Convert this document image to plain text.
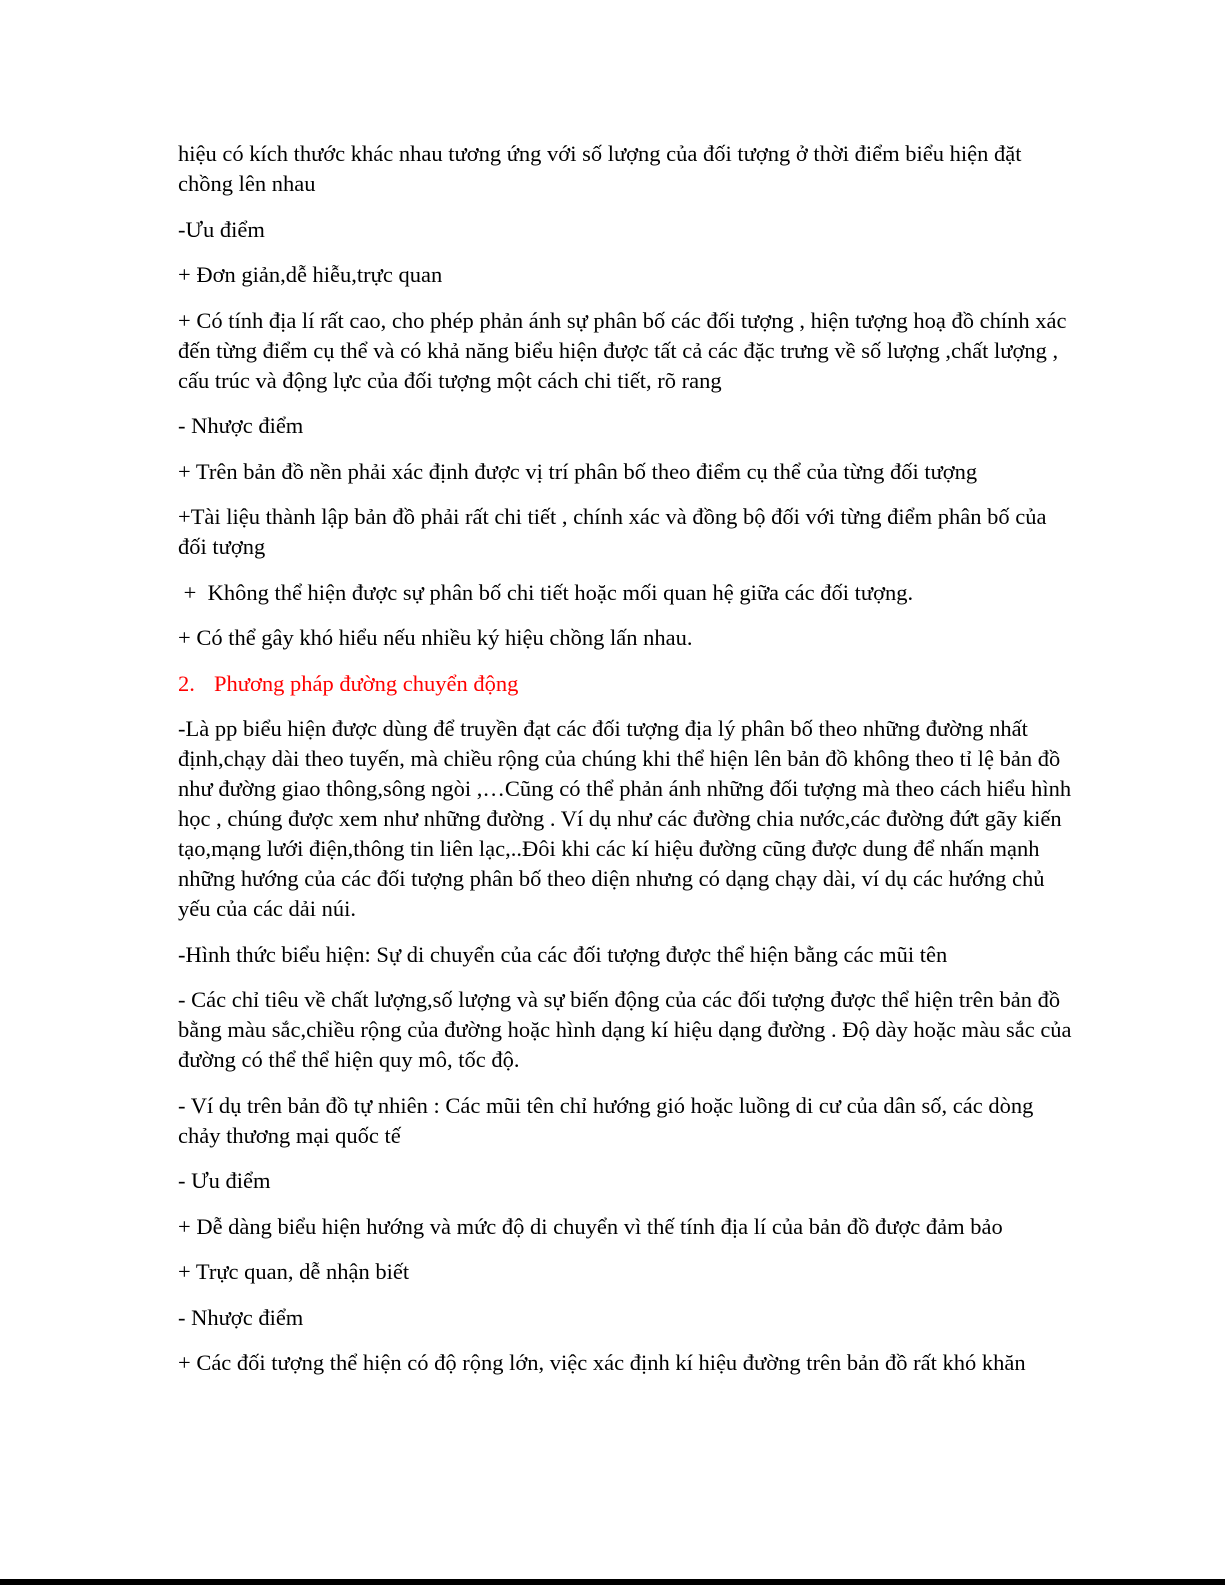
hiệu có kích thước khác nhau tương ứng với số lượng của đối tượng ở thời điểm biểu hiện đặt chồng lên nhau

-Ưu điểm

+ Đơn giản,dễ hiễu,trực quan

+ Có tính địa lí rất cao, cho phép phản ánh sự phân bố các đối tượng , hiện tượng hoạ đồ chính xác đến từng điểm cụ thể và có khả năng biểu hiện được tất cả các đặc trưng về số lượng ,chất lượng , cấu trúc và động lực của đối tượng một cách chi tiết, rõ rang

- Nhược điểm

+ Trên bản đồ nền phải xác định được vị trí phân bố theo điểm cụ thể của từng đối tượng

+Tài liệu thành lập bản đồ phải rất chi tiết , chính xác và đồng bộ đối với từng điểm phân bố của đối tượng

+  Không thể hiện được sự phân bố chi tiết hoặc mối quan hệ giữa các đối tượng.

+ Có thể gây khó hiểu nếu nhiều ký hiệu chồng lấn nhau.

2. Phương pháp đường chuyển động

-Là pp biểu hiện được dùng để truyền đạt các đối tượng địa lý phân bố theo những đường nhất định,chạy dài theo tuyến, mà chiều rộng của chúng khi thể hiện lên bản đồ không theo tỉ lệ bản đồ  như đường giao thông,sông ngòi ,…Cũng có thể phản ánh những đối tượng mà theo cách hiểu hình học , chúng được xem như những đường . Ví dụ như các đường chia nước,các đường đứt gãy kiến tạo,mạng lưới điện,thông tin liên lạc,..Đôi khi các kí hiệu đường cũng được dung để nhấn mạnh những hướng của các đối tượng phân bố theo diện nhưng có dạng chạy dài, ví dụ các hướng chủ yếu của các dải núi.

-Hình thức biểu hiện: Sự di chuyển của các đối tượng được thể hiện bằng các mũi tên

- Các chỉ tiêu về chất lượng,số lượng và sự biến động của các đối tượng được thể hiện trên bản đồ bằng màu sắc,chiều rộng của đường hoặc hình dạng kí hiệu dạng đường . Độ dày hoặc màu sắc của đường có thể thể hiện quy mô, tốc độ.

- Ví dụ trên bản đồ tự nhiên : Các mũi tên chỉ hướng gió hoặc luồng di cư của dân số, các dòng chảy thương mại quốc tế

- Ưu điểm

+ Dễ dàng biểu hiện hướng và mức độ di chuyển vì thế tính địa lí của bản đồ được đảm bảo

+ Trực quan, dễ nhận biết

- Nhược điểm

+ Các đối tượng thể hiện có độ rộng lớn, việc xác định kí hiệu đường trên bản đồ rất khó khăn
